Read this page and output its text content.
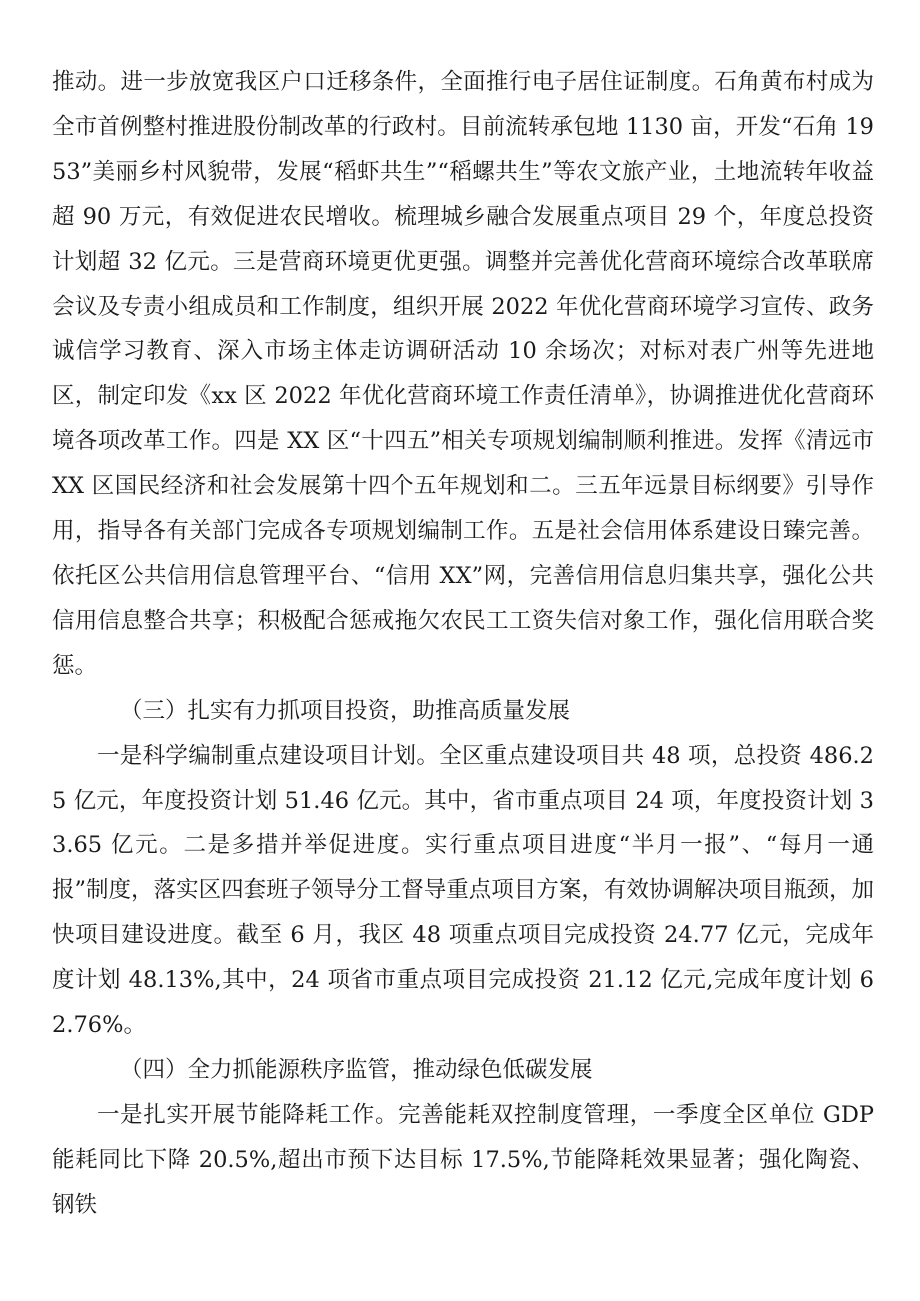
推动。进一步放宽我区户口迁移条件，全面推行电子居住证制度。石角黄布村成为全市首例整村推进股份制改革的行政村。目前流转承包地 1130 亩，开发“石角 1953”美丽乡村风貌带，发展“稻虾共生”“稻螺共生”等农文旅产业，土地流转年收益超 90 万元，有效促进农民增收。梳理城乡融合发展重点项目 29 个，年度总投资计划超 32 亿元。三是营商环境更优更强。调整并完善优化营商环境综合改革联席会议及专责小组成员和工作制度，组织开展 2022 年优化营商环境学习宣传、政务诚信学习教育、深入市场主体走访调研活动 10 余场次；对标对表广州等先进地区，制定印发《xx 区 2022 年优化营商环境工作责任清单》，协调推进优化营商环境各项改革工作。四是 XX 区“十四五”相关专项规划编制顺利推进。发挥《清远市 XX 区国民经济和社会发展第十四个五年规划和二。三五年远景目标纲要》引导作用，指导各有关部门完成各专项规划编制工作。五是社会信用体系建设日臻完善。依托区公共信用信息管理平台、“信用 XX”网，完善信用信息归集共享，强化公共信用信息整合共享；积极配合惩戒拖欠农民工工资失信对象工作，强化信用联合奖惩。

（三）扎实有力抓项目投资，助推高质量发展

一是科学编制重点建设项目计划。全区重点建设项目共 48 项，总投资 486.25 亿元，年度投资计划 51.46 亿元。其中，省市重点项目 24 项，年度投资计划 33.65 亿元。二是多措并举促进度。实行重点项目进度“半月一报”、“每月一通报”制度，落实区四套班子领导分工督导重点项目方案，有效协调解决项目瓶颈，加快项目建设进度。截至 6 月，我区 48 项重点项目完成投资 24.77 亿元，完成年度计划 48.13%,其中，24 项省市重点项目完成投资 21.12 亿元,完成年度计划 62.76%。

（四）全力抓能源秩序监管，推动绿色低碳发展

一是扎实开展节能降耗工作。完善能耗双控制度管理，一季度全区单位 GDP 能耗同比下降 20.5%,超出市预下达目标 17.5%,节能降耗效果显著；强化陶瓷、钢铁
